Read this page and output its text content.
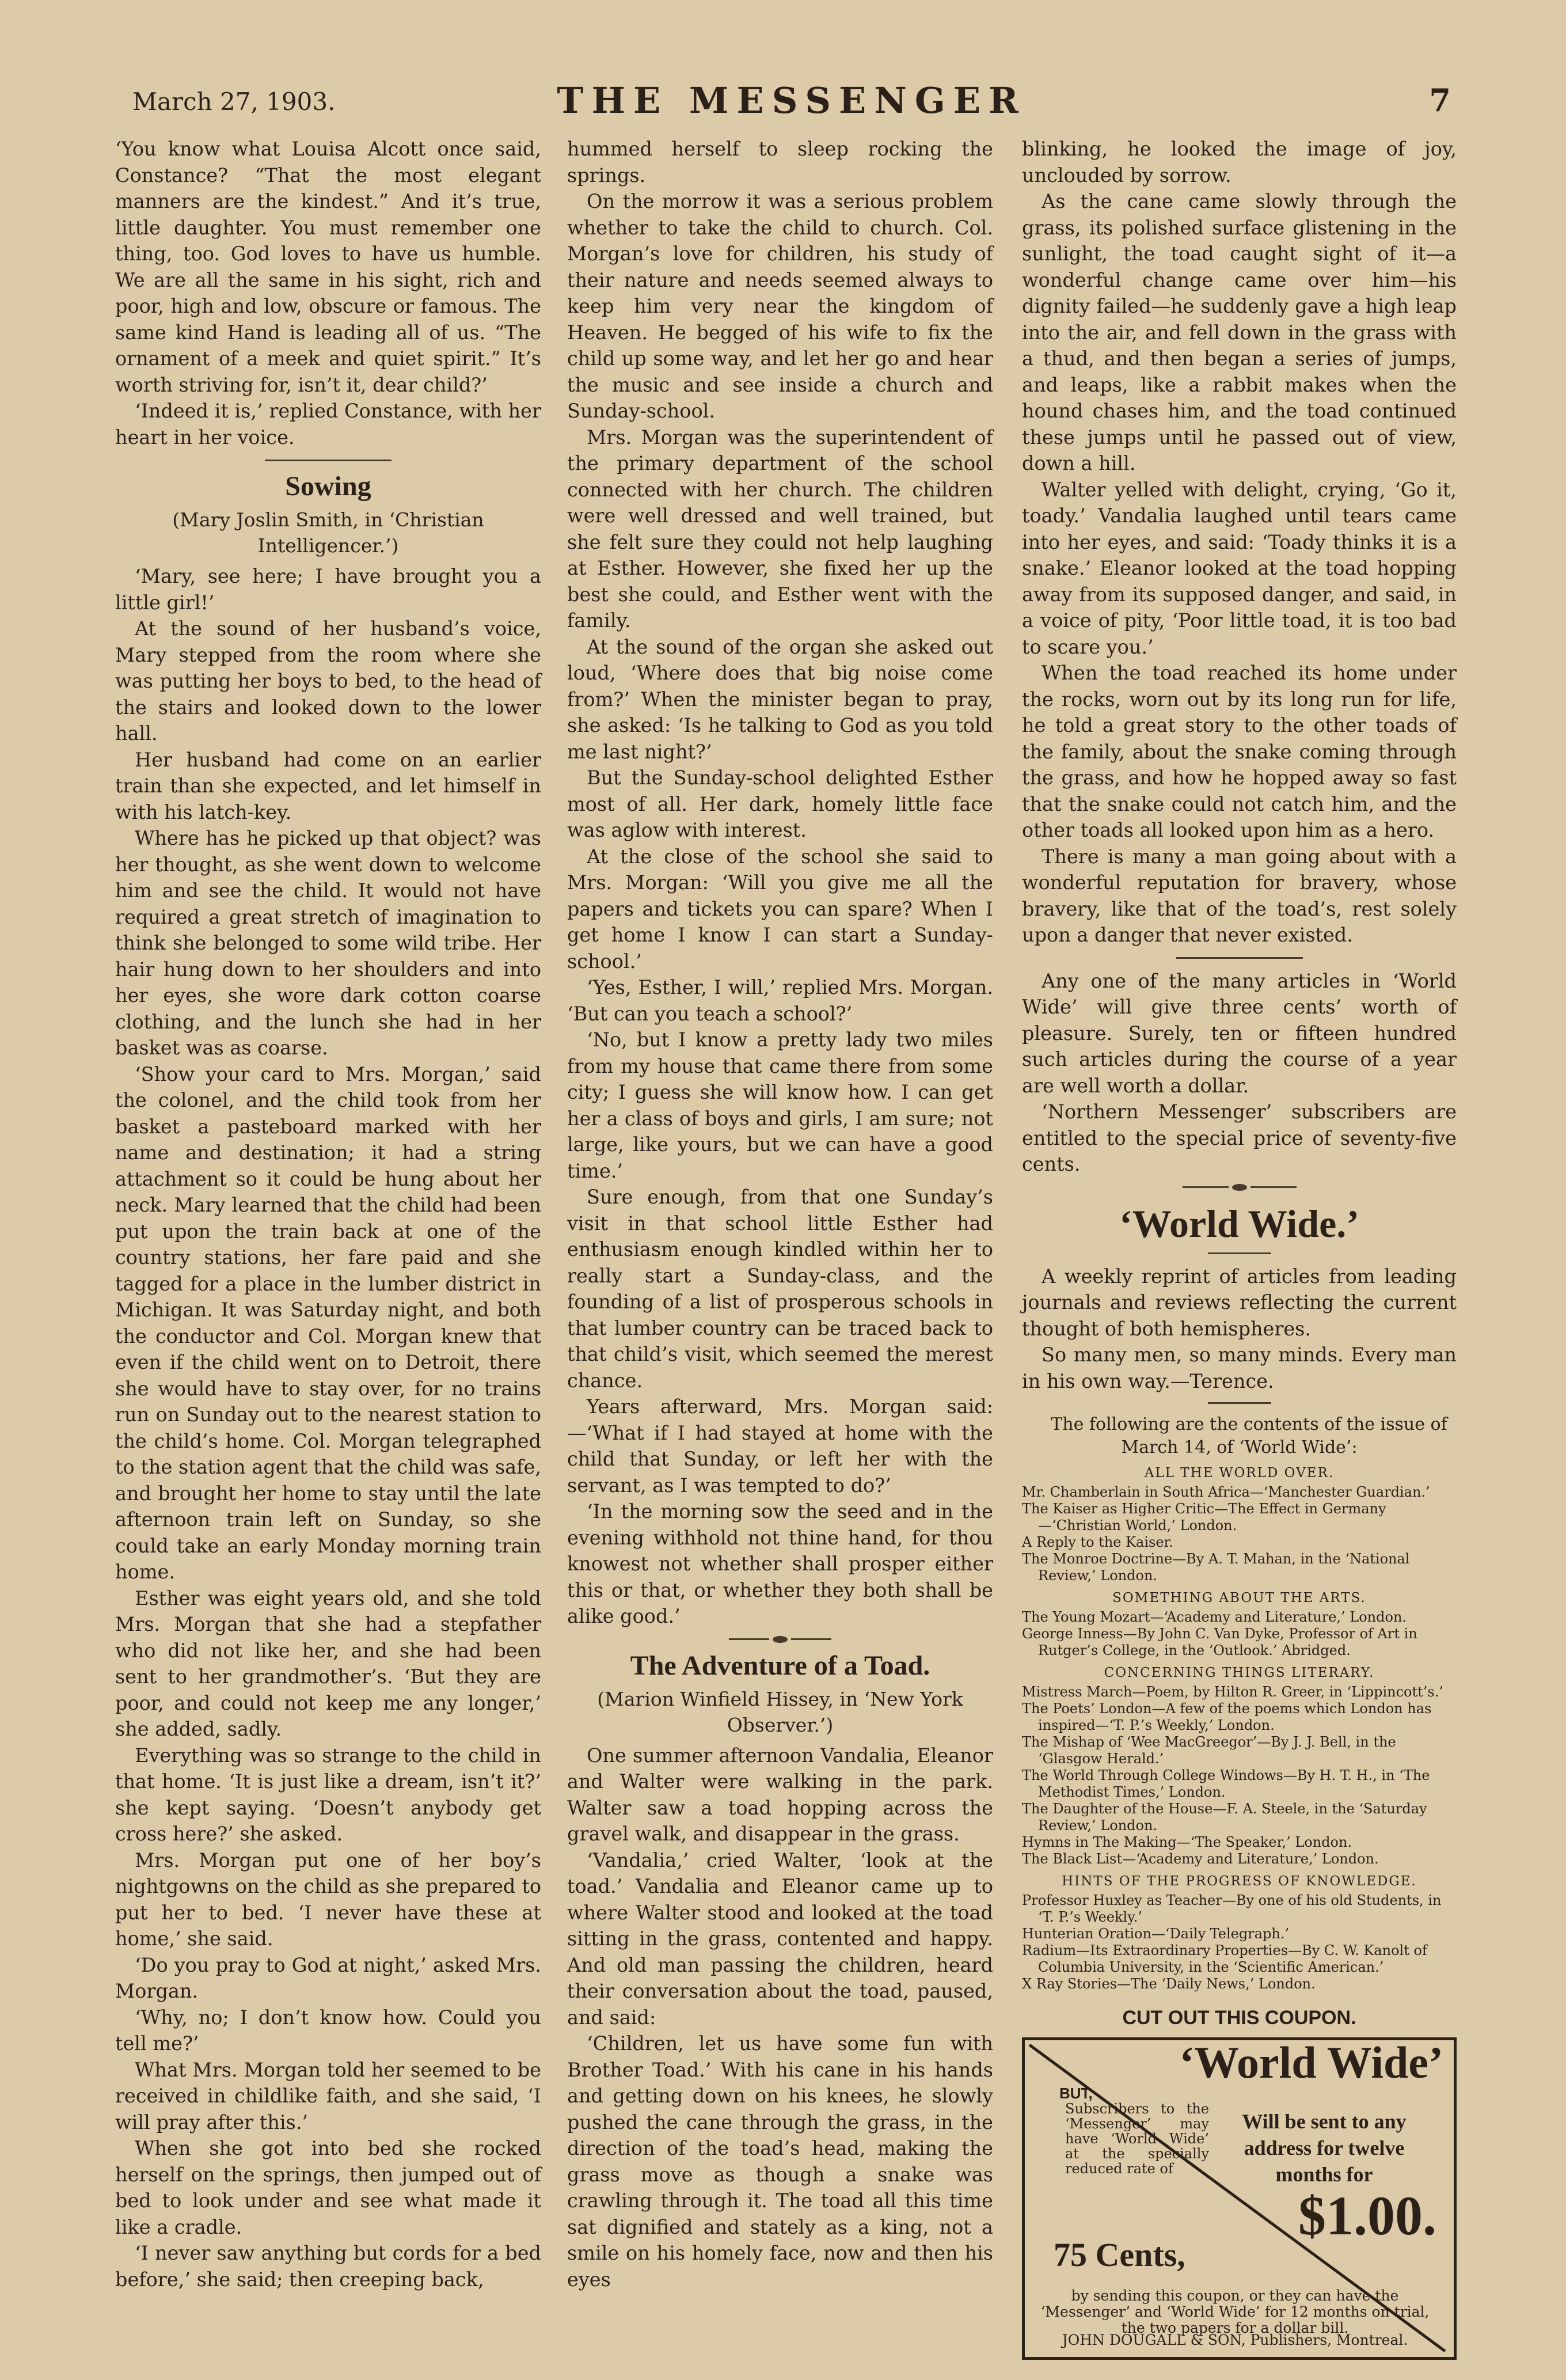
March 27, 1903.	THE MESSENGER	7

‘You know what Louisa Alcott once said, Constance? “That the most elegant manners are the kindest.” And it’s true, little daughter. You must remember one thing, too. God loves to have us humble. We are all the same in his sight, rich and poor, high and low, obscure or famous. The same kind Hand is leading all of us. “The ornament of a meek and quiet spirit.” It’s worth striving for, isn’t it, dear child?’

‘Indeed it is,’ replied Constance, with her heart in her voice.

Sowing
(Mary Joslin Smith, in ‘Christian Intelligencer.’)

‘Mary, see here; I have brought you a little girl!’

At the sound of her husband’s voice, Mary stepped from the room where she was putting her boys to bed, to the head of the stairs and looked down to the lower hall.

Her husband had come on an earlier train than she expected, and let himself in with his latch-key.

Where has he picked up that object? was her thought, as she went down to welcome him and see the child. It would not have required a great stretch of imagination to think she belonged to some wild tribe. Her hair hung down to her shoulders and into her eyes, she wore dark cotton coarse clothing, and the lunch she had in her basket was as coarse.

‘Show your card to Mrs. Morgan,’ said the colonel, and the child took from her basket a pasteboard marked with her name and destination; it had a string attachment so it could be hung about her neck. Mary learned that the child had been put upon the train back at one of the country stations, her fare paid and she tagged for a place in the lumber district in Michigan. It was Saturday night, and both the conductor and Col. Morgan knew that even if the child went on to Detroit, there she would have to stay over, for no trains run on Sunday out to the nearest station to the child’s home. Col. Morgan telegraphed to the station agent that the child was safe, and brought her home to stay until the late afternoon train left on Sunday, so she could take an early Monday morning train home.

Esther was eight years old, and she told Mrs. Morgan that she had a stepfather who did not like her, and she had been sent to her grandmother’s. ‘But they are poor, and could not keep me any longer,’ she added, sadly.

Everything was so strange to the child in that home. ‘It is just like a dream, isn’t it?’ she kept saying. ‘Doesn’t anybody get cross here?’ she asked.

Mrs. Morgan put one of her boy’s nightgowns on the child as she prepared to put her to bed. ‘I never have these at home,’ she said.

‘Do you pray to God at night,’ asked Mrs. Morgan.

‘Why, no; I don’t know how. Could you tell me?’

What Mrs. Morgan told her seemed to be received in childlike faith, and she said, ‘I will pray after this.’

When she got into bed she rocked herself on the springs, then jumped out of bed to look under and see what made it like a cradle.

‘I never saw anything but cords for a bed before,’ she said; then creeping back,

hummed herself to sleep rocking the springs.

On the morrow it was a serious problem whether to take the child to church. Col. Morgan’s love for children, his study of their nature and needs seemed always to keep him very near the kingdom of Heaven. He begged of his wife to fix the child up some way, and let her go and hear the music and see inside a church and Sunday-school.

Mrs. Morgan was the superintendent of the primary department of the school connected with her church. The children were well dressed and well trained, but she felt sure they could not help laughing at Esther. However, she fixed her up the best she could, and Esther went with the family.

At the sound of the organ she asked out loud, ‘Where does that big noise come from?’ When the minister began to pray, she asked: ‘Is he talking to God as you told me last night?’

But the Sunday-school delighted Esther most of all. Her dark, homely little face was aglow with interest.

At the close of the school she said to Mrs. Morgan: ‘Will you give me all the papers and tickets you can spare? When I get home I know I can start a Sunday-school.’

‘Yes, Esther, I will,’ replied Mrs. Morgan. ‘But can you teach a school?’

‘No, but I know a pretty lady two miles from my house that came there from some city; I guess she will know how. I can get her a class of boys and girls, I am sure; not large, like yours, but we can have a good time.’

Sure enough, from that one Sunday’s visit in that school little Esther had enthusiasm enough kindled within her to really start a Sunday-class, and the founding of a list of prosperous schools in that lumber country can be traced back to that child’s visit, which seemed the merest chance.

Years afterward, Mrs. Morgan said:—‘What if I had stayed at home with the child that Sunday, or left her with the servant, as I was tempted to do?’

‘In the morning sow the seed and in the evening withhold not thine hand, for thou knowest not whether shall prosper either this or that, or whether they both shall be alike good.’

The Adventure of a Toad.
(Marion Winfield Hissey, in ‘New York Observer.’)

One summer afternoon Vandalia, Eleanor and Walter were walking in the park. Walter saw a toad hopping across the gravel walk, and disappear in the grass.

‘Vandalia,’ cried Walter, ‘look at the toad.’ Vandalia and Eleanor came up to where Walter stood and looked at the toad sitting in the grass, contented and happy. And old man passing the children, heard their conversation about the toad, paused, and said:

‘Children, let us have some fun with Brother Toad.’ With his cane in his hands and getting down on his knees, he slowly pushed the cane through the grass, in the direction of the toad’s head, making the grass move as though a snake was crawling through it. The toad all this time sat dignified and stately as a king, not a smile on his homely face, now and then his eyes

blinking, he looked the image of joy, unclouded by sorrow.

As the cane came slowly through the grass, its polished surface glistening in the sunlight, the toad caught sight of it—a wonderful change came over him—his dignity failed—he suddenly gave a high leap into the air, and fell down in the grass with a thud, and then began a series of jumps, and leaps, like a rabbit makes when the hound chases him, and the toad continued these jumps until he passed out of view, down a hill.

Walter yelled with delight, crying, ‘Go it, toady.’ Vandalia laughed until tears came into her eyes, and said: ‘Toady thinks it is a snake.’ Eleanor looked at the toad hopping away from its supposed danger, and said, in a voice of pity, ‘Poor little toad, it is too bad to scare you.’

When the toad reached its home under the rocks, worn out by its long run for life, he told a great story to the other toads of the family, about the snake coming through the grass, and how he hopped away so fast that the snake could not catch him, and the other toads all looked upon him as a hero.

There is many a man going about with a wonderful reputation for bravery, whose bravery, like that of the toad’s, rest solely upon a danger that never existed.

Any one of the many articles in ‘World Wide’ will give three cents’ worth of pleasure. Surely, ten or fifteen hundred such articles during the course of a year are well worth a dollar.

‘Northern Messenger’ subscribers are entitled to the special price of seventy-five cents.

‘World Wide.’

A weekly reprint of articles from leading journals and reviews reflecting the current thought of both hemispheres.

So many men, so many minds. Every man in his own way.—Terence.

The following are the contents of the issue of March 14, of ‘World Wide’:

ALL THE WORLD OVER.
Mr. Chamberlain in South Africa—‘Manchester Guardian.’
The Kaiser as Higher Critic—The Effect in Germany—‘Christian World,’ London.
A Reply to the Kaiser.
The Monroe Doctrine—By A. T. Mahan, in the ‘National Review,’ London.
SOMETHING ABOUT THE ARTS.
The Young Mozart—‘Academy and Literature,’ London.
George Inness—By John C. Van Dyke, Professor of Art in Rutger’s College, in the ‘Outlook.’ Abridged.
CONCERNING THINGS LITERARY.
Mistress March—Poem, by Hilton R. Greer, in ‘Lippincott’s.’
The Poets’ London—A few of the poems which London has inspired—‘T. P.’s Weekly,’ London.
The Mishap of ‘Wee MacGreegor’—By J. J. Bell, in the ‘Glasgow Herald.’
The World Through College Windows—By H. T. H., in ‘The Methodist Times,’ London.
The Daughter of the House—F. A. Steele, in the ‘Saturday Review,’ London.
Hymns in The Making—‘The Speaker,’ London.
The Black List—‘Academy and Literature,’ London.
HINTS OF THE PROGRESS OF KNOWLEDGE.
Professor Huxley as Teacher—By one of his old Students, in ‘T. P.’s Weekly.’
Hunterian Oration—‘Daily Telegraph.’
Radium—Its Extraordinary Properties—By C. W. Kanolt of Columbia University, in the ‘Scientific American.’
X Ray Stories—The ‘Daily News,’ London.
CUT OUT THIS COUPON.
‘World Wide’
Will be sent to any address for twelve months for
$1.00.
BUT,
Subscribers to the ‘Messenger’ may have ‘World Wide’ at the specially reduced rate of
75 Cents,
by sending this coupon, or they can have the ‘Messenger’ and ‘World Wide’ for 12 months on trial, the two papers for a dollar bill.
JOHN DOUGALL & SON, Publishers, Montreal.
